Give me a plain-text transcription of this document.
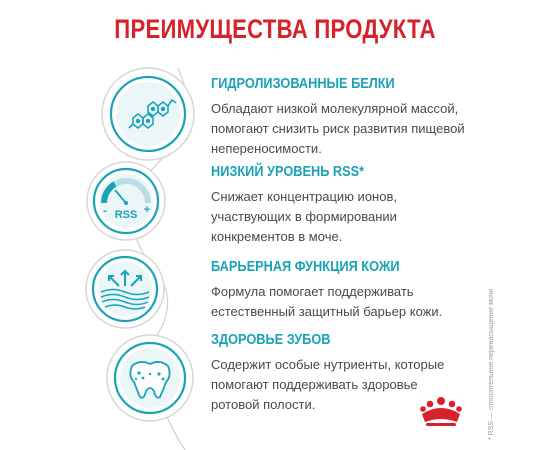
ПРЕИМУЩЕСТВА ПРОДУКТА
RSS
-	+
ГИДРОЛИЗОВАННЫЕ БЕЛКИ
Обладают низкой молекулярной массой,
помогают снизить риск развития пищевой
непереносимости.
НИЗКИЙ УРОВЕНЬ RSS*
Снижает концентрацию ионов,
участвующих в формировании
конкрементов в моче.
БАРЬЕРНАЯ ФУНКЦИЯ КОЖИ
Формула помогает поддерживать
естественный защитный барьер кожи.
ЗДОРОВЬЕ ЗУБОВ
Содержит особые нутриенты, которые
помогают поддерживать здоровье
ротовой полости.	* RSS — относительное перенасыщение мочи
